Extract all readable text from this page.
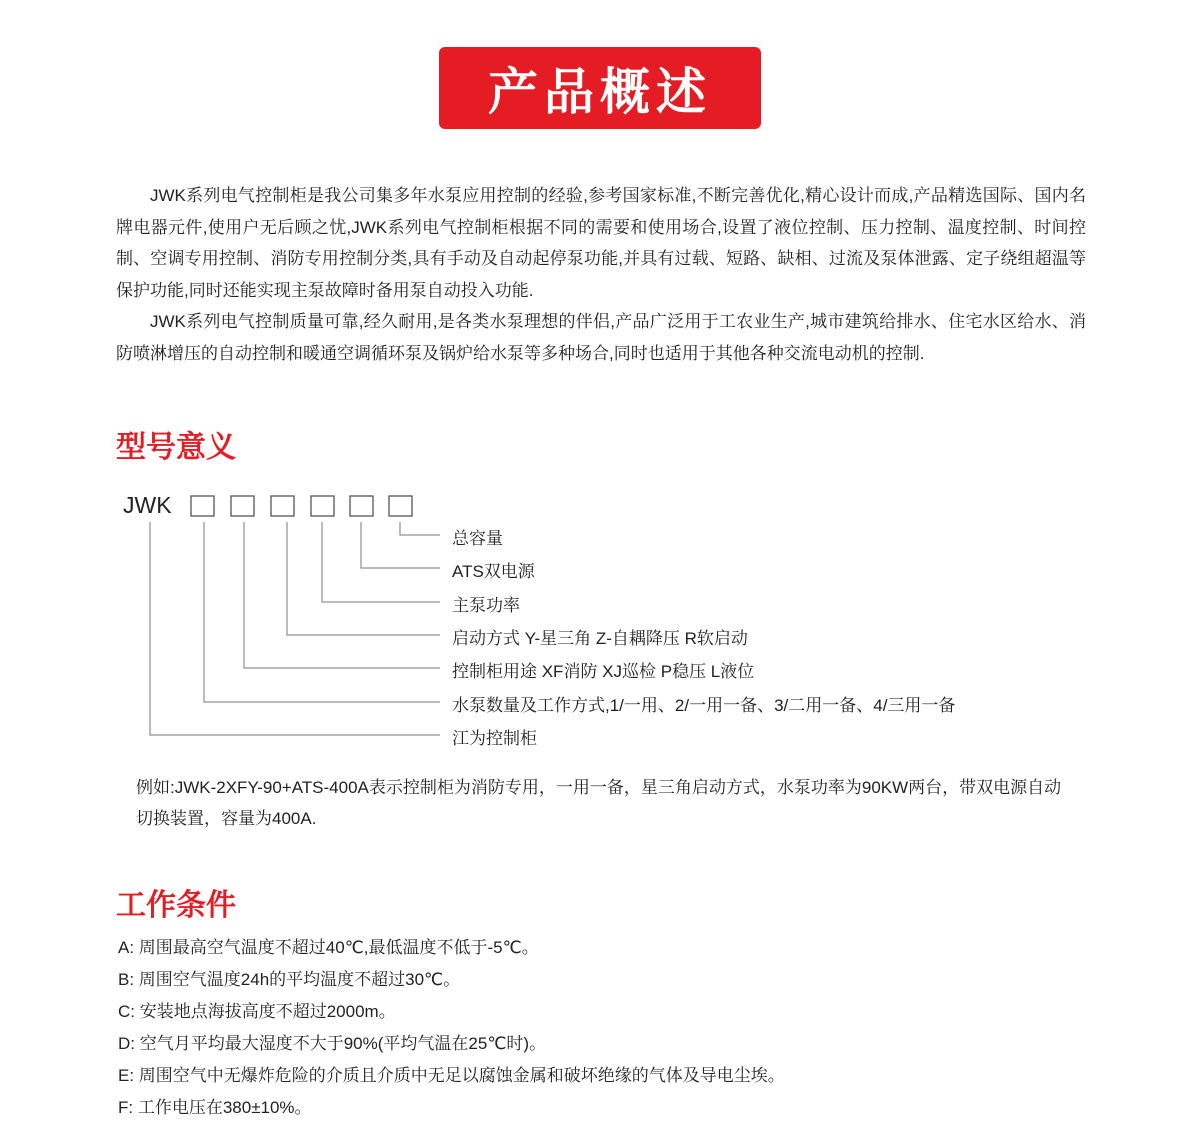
产品概述

JWK系列电气控制柜是我公司集多年水泵应用控制的经验,参考国家标准,不断完善优化,精心设计而成,产品精选国际、国内名牌电器元件,使用户无后顾之忧,JWK系列电气控制柜根据不同的需要和使用场合,设置了液位控制、压力控制、温度控制、时间控制、空调专用控制、消防专用控制分类,具有手动及自动起停泵功能,并具有过载、短路、缺相、过流及泵体泄露、定子绕组超温等保护功能,同时还能实现主泵故障时备用泵自动投入功能.

JWK系列电气控制质量可靠,经久耐用,是各类水泵理想的伴侣,产品广泛用于工农业生产,城市建筑给排水、住宅水区给水、消防喷淋增压的自动控制和暖通空调循环泵及锅炉给水泵等多种场合,同时也适用于其他各种交流电动机的控制.

型号意义
JWK
总容量
ATS双电源
主泵功率
启动方式 Y-星三角 Z-自耦降压 R软启动
控制柜用途 XF消防 XJ巡检 P稳压 L液位
水泵数量及工作方式,1/一用、2/一用一备、3/二用一备、4/三用一备
江为控制柜

例如:JWK-2XFY-90+ATS-400A表示控制柜为消防专用，一用一备，星三角启动方式，水泵功率为90KW两台，带双电源自动切换装置，容量为400A.

工作条件
A: 周围最高空气温度不超过40℃,最低温度不低于-5℃。
B: 周围空气温度24h的平均温度不超过30℃。
C: 安装地点海拔高度不超过2000m。
D: 空气月平均最大湿度不大于90%(平均气温在25℃时)。
E: 周围空气中无爆炸危险的介质且介质中无足以腐蚀金属和破坏绝缘的气体及导电尘埃。
F: 工作电压在380±10%。
